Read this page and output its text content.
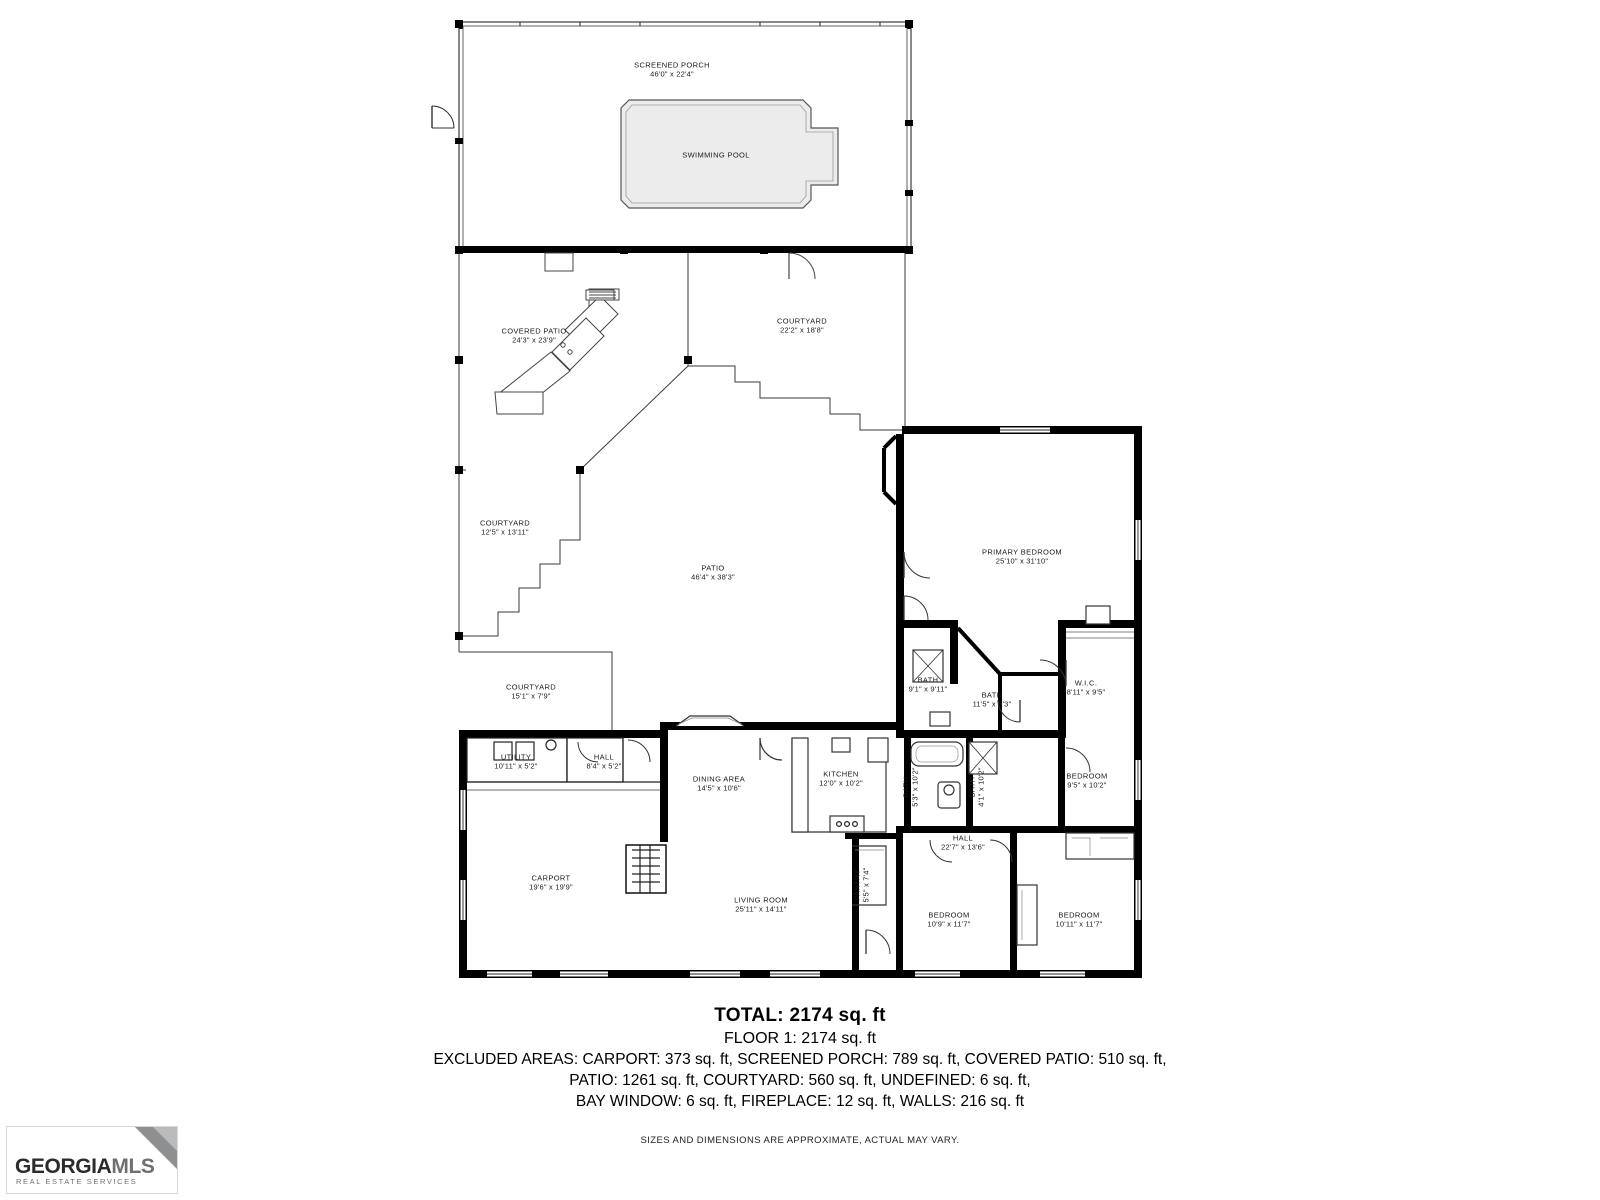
SCREENED PORCH
46'0" x 22'4"
SWIMMING POOL
COVERED PATIO
24'3" x 23'9"
COURTYARD
22'2" x 18'8"
COURTYARD
12'5" x 13'11"
COURTYARD
15'1" x 7'9"
PATIO
46'4" x 38'3"
PRIMARY BEDROOM
25'10" x 31'10"
BATH
9'1" x 9'11"
BATH
11'5" x 5'3"
W.I.C.
8'11" x 9'5"
UTILITY
10'11" x 5'2"
HALL
8'4" x 5'2"
DINING AREA
14'5" x 10'6"
KITCHEN
12'0" x 10'2"	BATH 5'3" x 10'2"	BATH 4'1" x 10'2"	BEDROOM
9'5" x 10'2"
HALL
22'7" x 13'6"
PANTRY 5'5" x 7'4"
CARPORT
19'6" x 19'9"
LIVING ROOM
25'11" x 14'11"
BEDROOM
10'9" x 11'7"
BEDROOM
10'11" x 11'7"
TOTAL: 2174 sq. ft
FLOOR 1: 2174 sq. ft
EXCLUDED AREAS: CARPORT: 373 sq. ft, SCREENED PORCH: 789 sq. ft, COVERED PATIO: 510 sq. ft,
PATIO: 1261 sq. ft, COURTYARD: 560 sq. ft, UNDEFINED: 6 sq. ft,
BAY WINDOW: 6 sq. ft, FIREPLACE: 12 sq. ft, WALLS: 216 sq. ft
SIZES AND DIMENSIONS ARE APPROXIMATE, ACTUAL MAY VARY.
GEORGIAMLS
REAL ESTATE SERVICES
